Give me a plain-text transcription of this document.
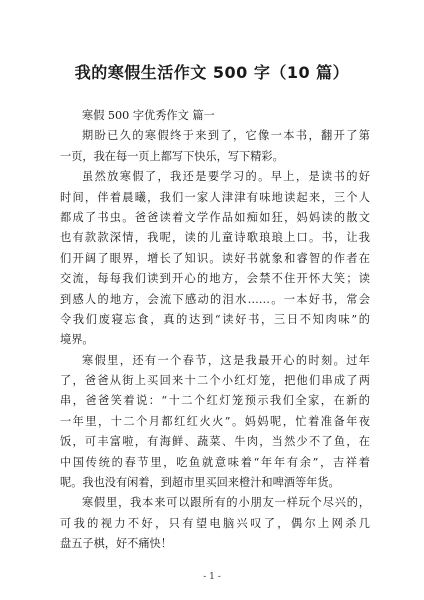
我的寒假生活作文 500 字（10 篇）
寒假 500 字优秀作文 篇一
期盼已久的寒假终于来到了，它像一本书，翻开了第
一页，我在每一页上都写下快乐，写下精彩。
虽然放寒假了，我还是要学习的。早上，是读书的好
时间，伴着晨曦，我们一家人津津有味地读起来，三个人
都成了书虫。爸爸读着文学作品如痴如狂，妈妈读的散文
也有款款深情，我呢，读的儿童诗歌琅琅上口。书，让我
们开阔了眼界，增长了知识。读好书就象和睿智的作者在
交流，每每我们读到开心的地方，会禁不住开怀大笑；读
到感人的地方，会流下感动的泪水……。一本好书，常会
令我们废寝忘食，真的达到“读好书，三日不知肉味”的
境界。
寒假里，还有一个春节，这是我最开心的时刻。过年
了，爸爸从街上买回来十二个小红灯笼，把他们串成了两
串，爸爸笑着说：“十二个红灯笼预示我们全家，在新的
一年里，十二个月都红红火火”。妈妈呢，忙着准备年夜
饭，可丰富啦，有海鲜、蔬菜、牛肉，当然少不了鱼，在
中国传统的春节里，吃鱼就意味着“年年有余”，吉祥着
呢。我也没有闲着，到超市里买回来橙汁和啤酒等年货。
寒假里，我本来可以跟所有的小朋友一样玩个尽兴的，
可我的视力不好，只有望电脑兴叹了，偶尔上网杀几
盘五子棋，好不痛快！
- 1 -
